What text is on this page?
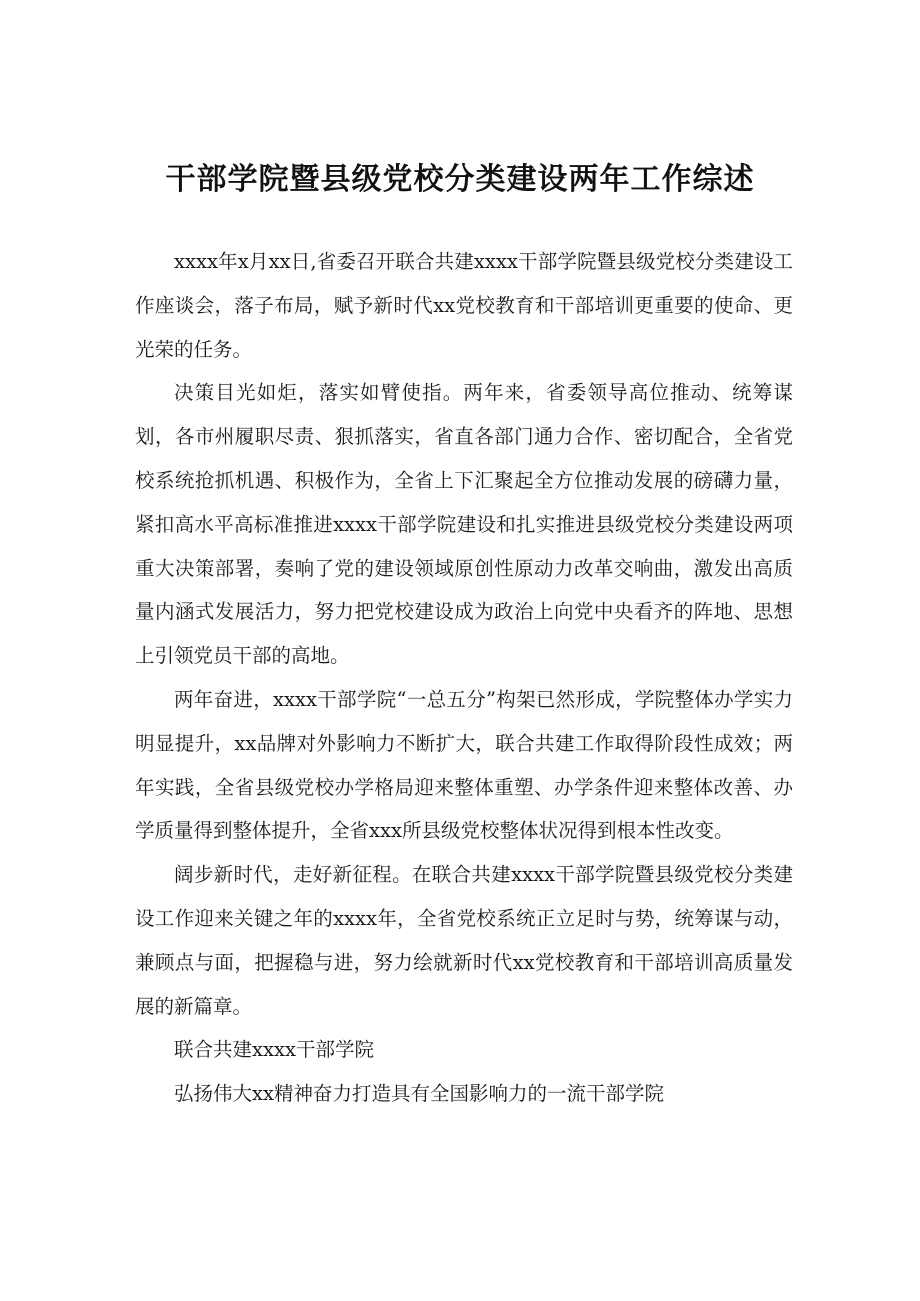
干部学院暨县级党校分类建设两年工作综述

xxxx年x月xx日,省委召开联合共建xxxx干部学院暨县级党校分类建设工作座谈会，落子布局，赋予新时代xx党校教育和干部培训更重要的使命、更光荣的任务。

决策目光如炬，落实如臂使指。两年来，省委领导高位推动、统筹谋划，各市州履职尽责、狠抓落实，省直各部门通力合作、密切配合，全省党校系统抢抓机遇、积极作为，全省上下汇聚起全方位推动发展的磅礴力量，紧扣高水平高标准推进xxxx干部学院建设和扎实推进县级党校分类建设两项重大决策部署，奏响了党的建设领域原创性原动力改革交响曲，激发出高质量内涵式发展活力，努力把党校建设成为政治上向党中央看齐的阵地、思想上引领党员干部的高地。

两年奋进，xxxx干部学院“一总五分”构架已然形成，学院整体办学实力明显提升，xx品牌对外影响力不断扩大，联合共建工作取得阶段性成效；两年实践，全省县级党校办学格局迎来整体重塑、办学条件迎来整体改善、办学质量得到整体提升，全省xxx所县级党校整体状况得到根本性改变。

阔步新时代，走好新征程。在联合共建xxxx干部学院暨县级党校分类建设工作迎来关键之年的xxxx年，全省党校系统正立足时与势，统筹谋与动，兼顾点与面，把握稳与进，努力绘就新时代xx党校教育和干部培训高质量发展的新篇章。

联合共建xxxx干部学院

弘扬伟大xx精神奋力打造具有全国影响力的一流干部学院
